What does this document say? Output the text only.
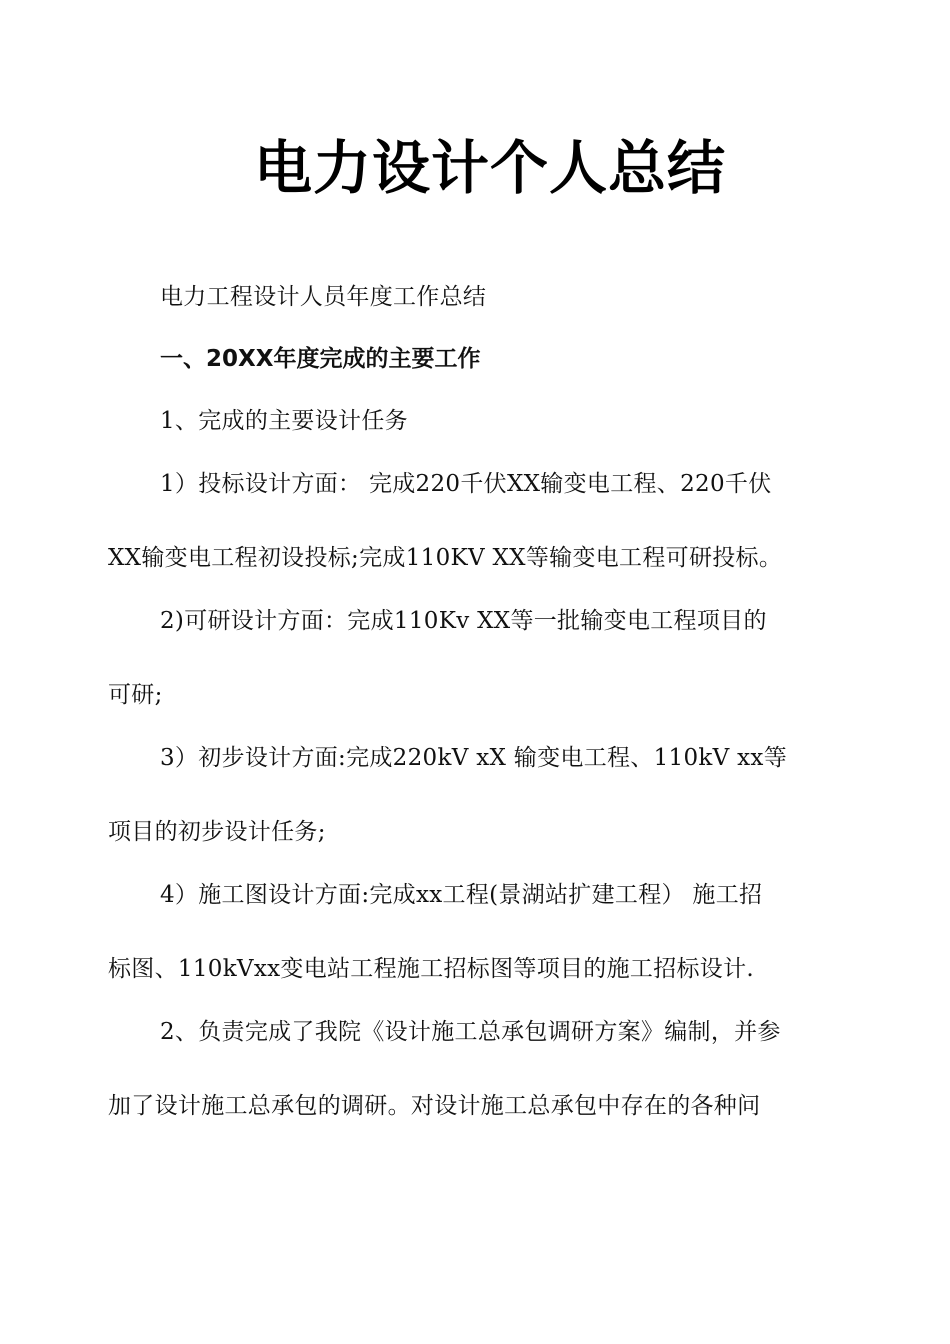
电力设计个人总结
电力工程设计人员年度工作总结
一、20XX年度完成的主要工作
1、完成的主要设计任务
1）投标设计方面： 完成220千伏XX输变电工程、220千伏
XX输变电工程初设投标;完成110KV XX等输变电工程可研投标。
2)可研设计方面：完成110Kv XX等一批输变电工程项目的
可研;
3）初步设计方面:完成220kV xX 输变电工程、110kV xx等
项目的初步设计任务;
4）施工图设计方面:完成xx工程(景湖站扩建工程） 施工招
标图、110kVxx变电站工程施工招标图等项目的施工招标设计.
2、负责完成了我院《设计施工总承包调研方案》编制，并参
加了设计施工总承包的调研。对设计施工总承包中存在的各种问
